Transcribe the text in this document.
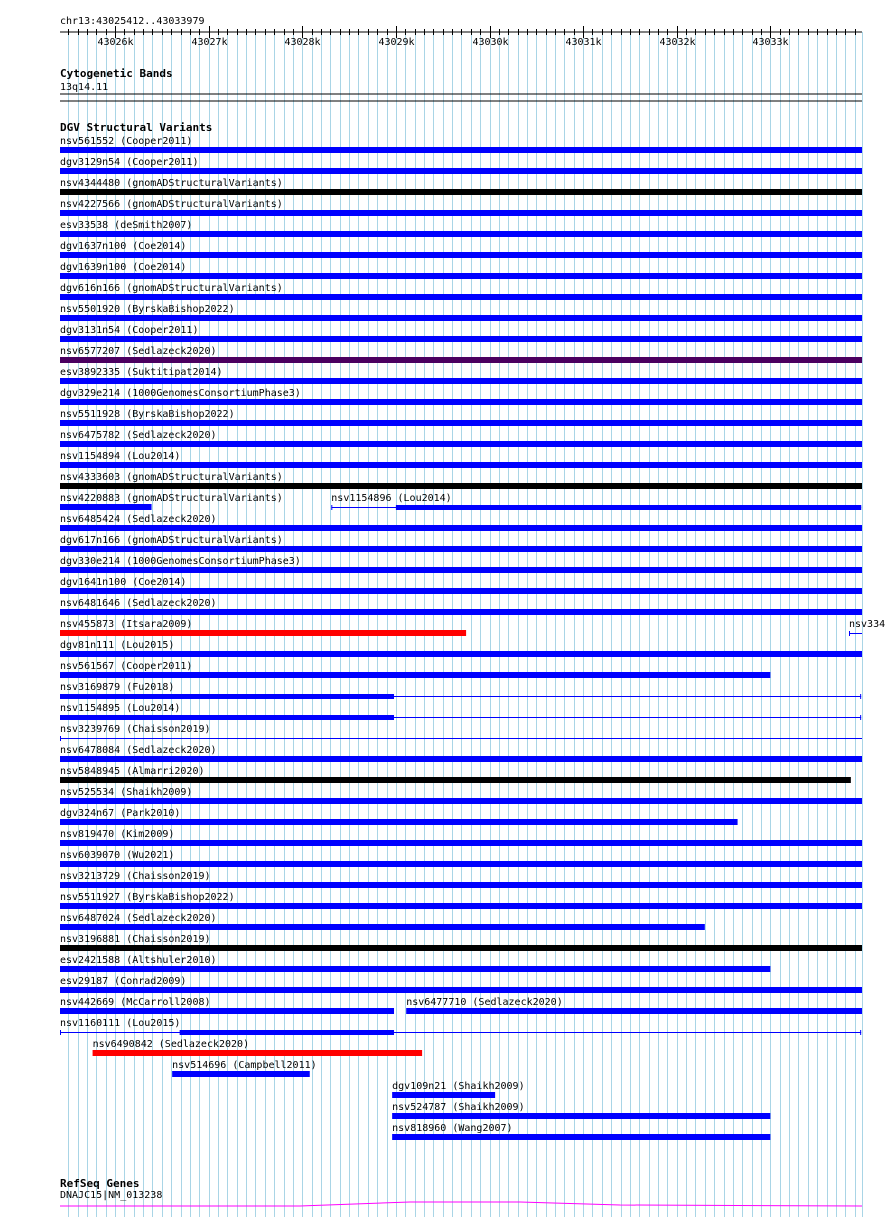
chr13:43025412..43033979
43026k	43027k	43028k	43029k	43030k	43031k	43032k	43033k
Cytogenetic Bands
13q14.11
DGV Structural Variants
nsv561552 (Cooper2011)
dgv3129n54 (Cooper2011)
nsv4344480 (gnomADStructuralVariants)
nsv4227566 (gnomADStructuralVariants)
esv33538 (deSmith2007)
dgv1637n100 (Coe2014)
dgv1639n100 (Coe2014)
dgv616n166 (gnomADStructuralVariants)
nsv5501920 (ByrskaBishop2022)
dgv3131n54 (Cooper2011)
nsv6577207 (Sedlazeck2020)
esv3892335 (Suktitipat2014)
dgv329e214 (1000GenomesConsortiumPhase3)
nsv5511928 (ByrskaBishop2022)
nsv6475782 (Sedlazeck2020)
nsv1154894 (Lou2014)
nsv4333603 (gnomADStructuralVariants)
nsv4220883 (gnomADStructuralVariants)	nsv1154896 (Lou2014)
nsv6485424 (Sedlazeck2020)
dgv617n166 (gnomADStructuralVariants)
dgv330e214 (1000GenomesConsortiumPhase3)
dgv1641n100 (Coe2014)
nsv6481646 (Sedlazeck2020)
nsv455873 (Itsara2009)	nsv334
dgv81n111 (Lou2015)
nsv561567 (Cooper2011)
nsv3169879 (Fu2018)
nsv1154895 (Lou2014)
nsv3239769 (Chaisson2019)
nsv6478084 (Sedlazeck2020)
nsv5848945 (Almarri2020)
nsv525534 (Shaikh2009)
dgv324n67 (Park2010)
nsv819470 (Kim2009)
nsv6039070 (Wu2021)
nsv3213729 (Chaisson2019)
nsv5511927 (ByrskaBishop2022)
nsv6487024 (Sedlazeck2020)
nsv3196881 (Chaisson2019)
esv2421588 (Altshuler2010)
esv29187 (Conrad2009)
nsv442669 (McCarroll2008)	nsv6477710 (Sedlazeck2020)
nsv1160111 (Lou2015)
nsv6490842 (Sedlazeck2020)
nsv514696 (Campbell2011)
dgv109n21 (Shaikh2009)
nsv524787 (Shaikh2009)
nsv818960 (Wang2007)
RefSeq Genes
DNAJC15|NM_013238
